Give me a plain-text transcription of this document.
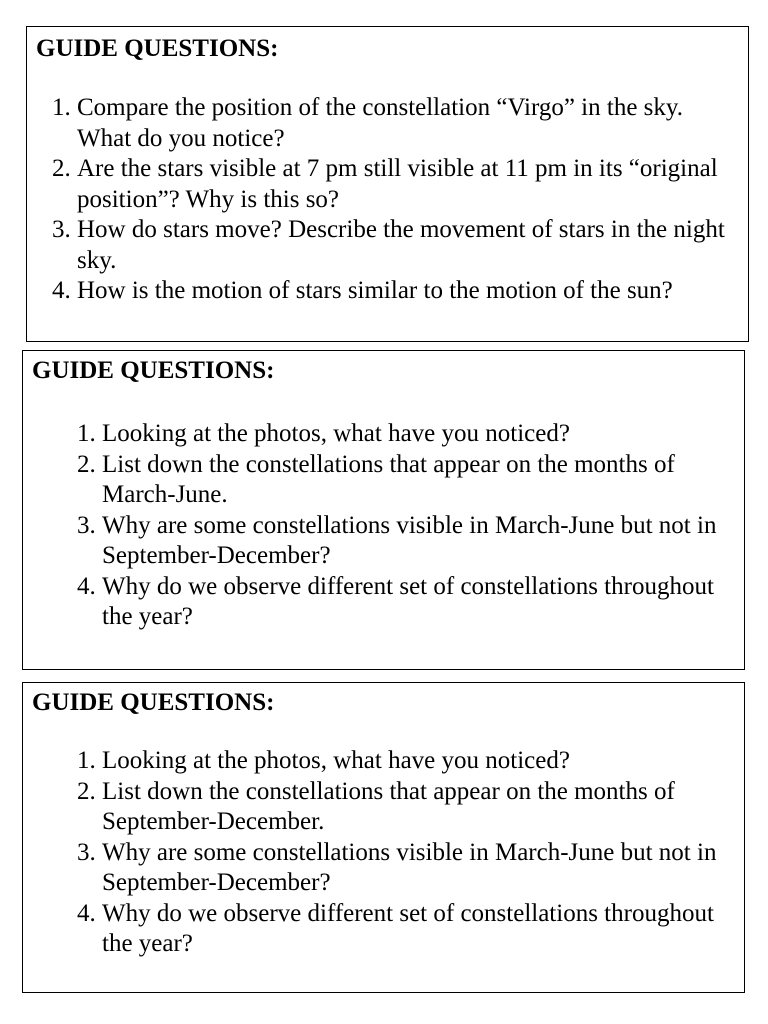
GUIDE QUESTIONS:
1. Compare the position of the constellation “Virgo” in the sky. What do you notice?
2. Are the stars visible at 7 pm still visible at 11 pm in its “original position”? Why is this so?
3. How do stars move? Describe the movement of stars in the night sky.
4. How is the motion of stars similar to the motion of the sun?
GUIDE QUESTIONS:
1. Looking at the photos, what have you noticed?
2. List down the constellations that appear on the months of March-June.
3. Why are some constellations visible in March-June but not in September-December?
4. Why do we observe different set of constellations throughout the year?
GUIDE QUESTIONS:
1. Looking at the photos, what have you noticed?
2. List down the constellations that appear on the months of September-December.
3. Why are some constellations visible in March-June but not in September-December?
4. Why do we observe different set of constellations throughout the year?
